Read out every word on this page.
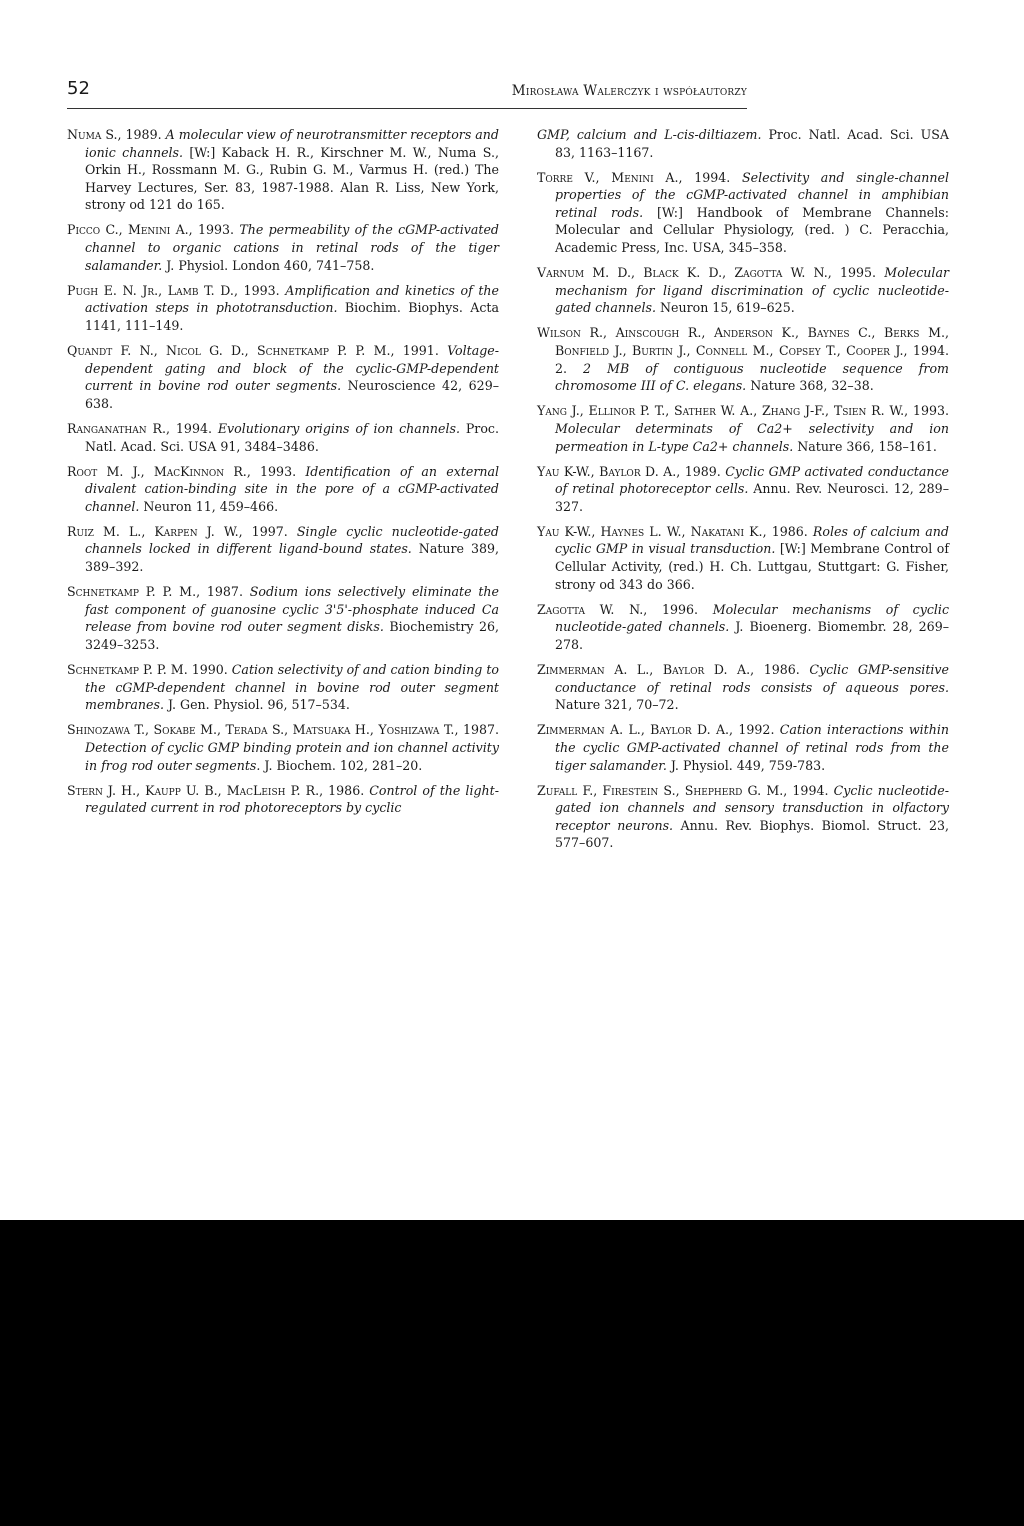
52	Mirosława Walerczyk i współautorzy

Numa S., 1989. A molecular view of neurotransmitter receptors and ionic channels. [W:] Kaback H. R., Kirschner M. W., Numa S., Orkin H., Rossmann M. G., Rubin G. M., Varmus H. (red.) The Harvey Lectures, Ser. 83, 1987-1988. Alan R. Liss, New York, strony od 121 do 165.

Picco C., Menini A., 1993. The permeability of the cGMP-activated channel to organic cations in retinal rods of the tiger salamander. J. Physiol. London 460, 741–758.

Pugh E. N. Jr., Lamb T. D., 1993. Amplification and kinetics of the activation steps in phototransduction. Biochim. Biophys. Acta 1141, 111–149.

Quandt F. N., Nicol G. D., Schnetkamp P. P. M., 1991. Voltage-dependent gating and block of the cyclic-GMP-dependent current in bovine rod outer segments. Neuroscience 42, 629–638.

Ranganathan R., 1994. Evolutionary origins of ion channels. Proc. Natl. Acad. Sci. USA 91, 3484–3486.

Root M. J., MacKinnon R., 1993. Identification of an external divalent cation-binding site in the pore of a cGMP-activated channel. Neuron 11, 459–466.

Ruiz M. L., Karpen J. W., 1997. Single cyclic nucleotide-gated channels locked in different ligand-bound states. Nature 389, 389–392.

Schnetkamp P. P. M., 1987. Sodium ions selectively eliminate the fast component of guanosine cyclic 3'5'-phosphate induced Ca release from bovine rod outer segment disks. Biochemistry 26, 3249–3253.

Schnetkamp P. P. M. 1990. Cation selectivity of and cation binding to the cGMP-dependent channel in bovine rod outer segment membranes. J. Gen. Physiol. 96, 517–534.

Shinozawa T., Sokabe M., Terada S., Matsuaka H., Yoshizawa T., 1987. Detection of cyclic GMP binding protein and ion channel activity in frog rod outer segments. J. Biochem. 102, 281–20.

Stern J. H., Kaupp U. B., MacLeish P. R., 1986. Control of the light-regulated current in rod photoreceptors by cyclic

GMP, calcium and L-cis-diltiazem. Proc. Natl. Acad. Sci. USA 83, 1163–1167.

Torre V., Menini A., 1994. Selectivity and single-channel properties of the cGMP-activated channel in amphibian retinal rods. [W:] Handbook of Membrane Channels: Molecular and Cellular Physiology, (red. ) C. Peracchia, Academic Press, Inc. USA, 345–358.

Varnum M. D., Black K. D., Zagotta W. N., 1995. Molecular mechanism for ligand discrimination of cyclic nucleotide-gated channels. Neuron 15, 619–625.

Wilson R., Ainscough R., Anderson K., Baynes C., Berks M., Bonfield J., Burtin J., Connell M., Copsey T., Cooper J., 1994. 2. 2 MB of contiguous nucleotide sequence from chromosome III of C. elegans. Nature 368, 32–38.

Yang J., Ellinor P. T., Sather W. A., Zhang J-F., Tsien R. W., 1993. Molecular determinats of Ca2+ selectivity and ion permeation in L-type Ca2+ channels. Nature 366, 158–161.

Yau K-W., Baylor D. A., 1989. Cyclic GMP activated conductance of retinal photoreceptor cells. Annu. Rev. Neurosci. 12, 289–327.

Yau K-W., Haynes L. W., Nakatani K., 1986. Roles of calcium and cyclic GMP in visual transduction. [W:] Membrane Control of Cellular Activity, (red.) H. Ch. Luttgau, Stuttgart: G. Fisher, strony od 343 do 366.

Zagotta W. N., 1996. Molecular mechanisms of cyclic nucleotide-gated channels. J. Bioenerg. Biomembr. 28, 269–278.

Zimmerman A. L., Baylor D. A., 1986. Cyclic GMP-sensitive conductance of retinal rods consists of aqueous pores. Nature 321, 70–72.

Zimmerman A. L., Baylor D. A., 1992. Cation interactions within the cyclic GMP-activated channel of retinal rods from the tiger salamander. J. Physiol. 449, 759-783.

Zufall F., Firestein S., Shepherd G. M., 1994. Cyclic nucleotide-gated ion channels and sensory transduction in olfactory receptor neurons. Annu. Rev. Biophys. Biomol. Struct. 23, 577–607.
